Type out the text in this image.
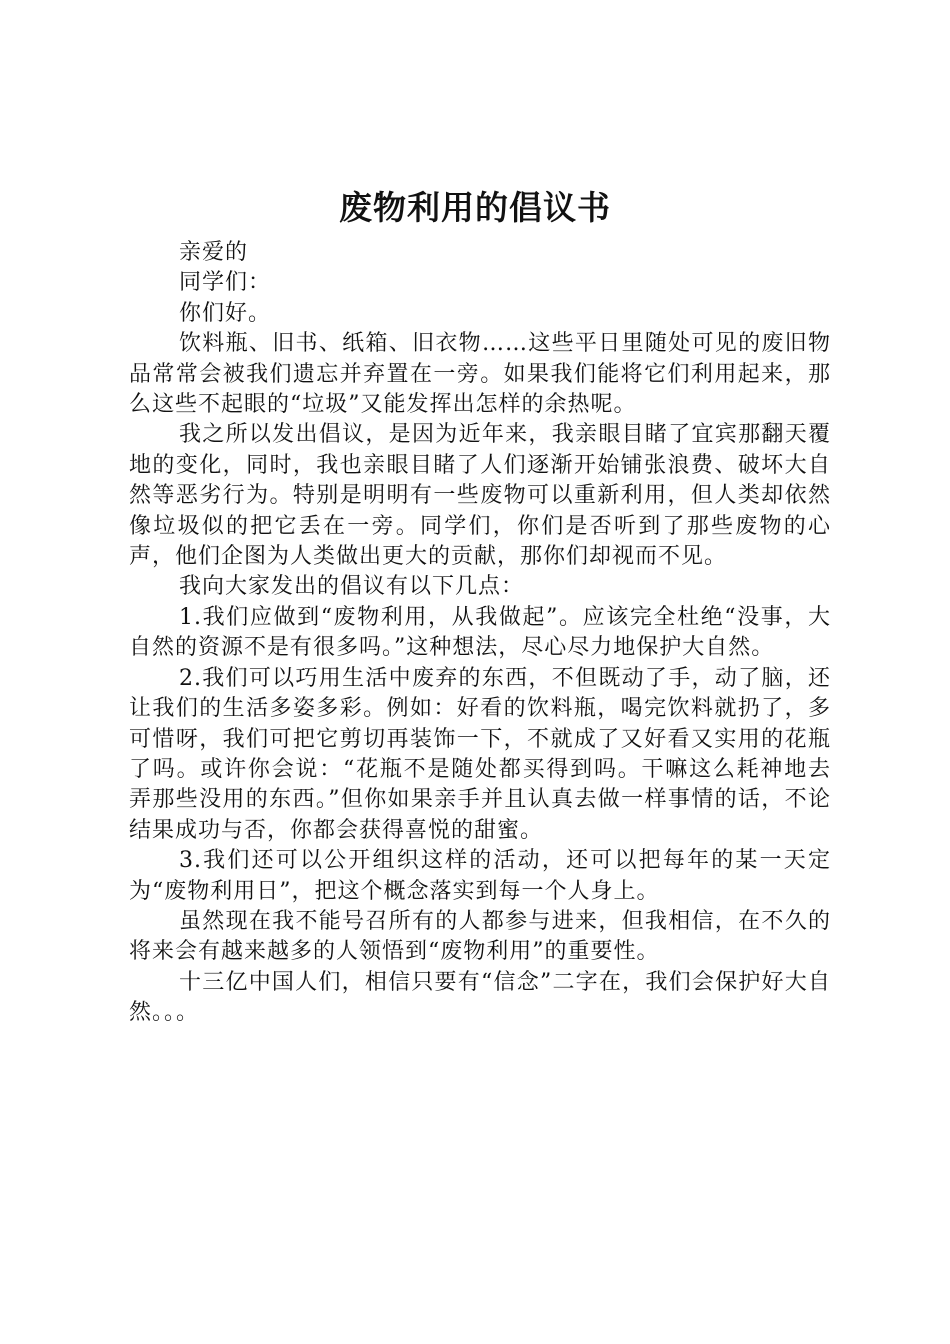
废物利用的倡议书

亲爱的

同学们：

你们好。

饮料瓶、旧书、纸箱、旧衣物……这些平日里随处可见的废旧物品常常会被我们遗忘并弃置在一旁。如果我们能将它们利用起来，那么这些不起眼的“垃圾”又能发挥出怎样的余热呢。

我之所以发出倡议，是因为近年来，我亲眼目睹了宜宾那翻天覆地的变化，同时，我也亲眼目睹了人们逐渐开始铺张浪费、破坏大自然等恶劣行为。特别是明明有一些废物可以重新利用，但人类却依然像垃圾似的把它丢在一旁。同学们，你们是否听到了那些废物的心声，他们企图为人类做出更大的贡献，那你们却视而不见。

我向大家发出的倡议有以下几点：

1.我们应做到“废物利用，从我做起”。应该完全杜绝“没事，大自然的资源不是有很多吗。”这种想法，尽心尽力地保护大自然。

2.我们可以巧用生活中废弃的东西，不但既动了手，动了脑，还让我们的生活多姿多彩。例如：好看的饮料瓶，喝完饮料就扔了，多可惜呀，我们可把它剪切再装饰一下，不就成了又好看又实用的花瓶了吗。或许你会说：“花瓶不是随处都买得到吗。干嘛这么耗神地去弄那些没用的东西。”但你如果亲手并且认真去做一样事情的话，不论结果成功与否，你都会获得喜悦的甜蜜。

3.我们还可以公开组织这样的活动，还可以把每年的某一天定为“废物利用日”，把这个概念落实到每一个人身上。

虽然现在我不能号召所有的人都参与进来，但我相信，在不久的将来会有越来越多的人领悟到“废物利用”的重要性。

十三亿中国人们，相信只要有“信念”二字在，我们会保护好大自然。。。
